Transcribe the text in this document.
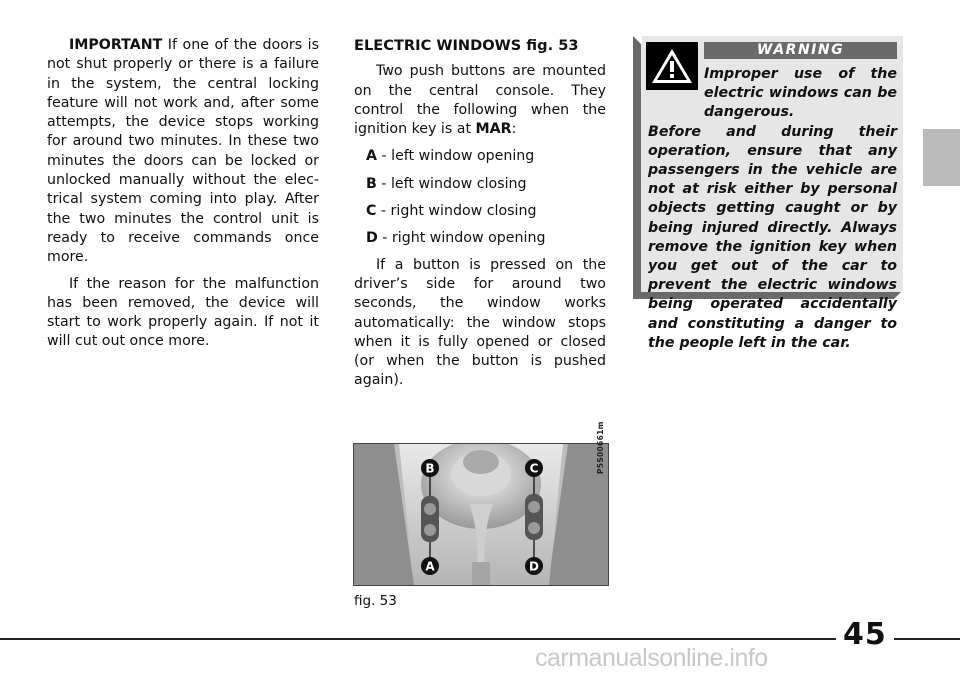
IMPORTANT If one of the doors is not shut properly or there is a failure in the system, the central locking feature will not work and, after some attempts, the device stops working for around two minutes. In these two minutes the doors can be locked or unlocked manually without the electrical system coming into play. After the two minutes the control unit is ready to receive commands once more.

If the reason for the malfunction has been removed, the device will start to work properly again. If not it will cut out once more.

ELECTRIC WINDOWS fig. 53

Two push buttons are mounted on the central console. They control the following when the ignition key is at MAR:

A - left window opening

B - left window closing

C - right window closing

D - right window opening

If a button is pressed on the driver’s side for around two seconds, the window works automatically: the window stops when it is fully opened or closed (or when the button is pushed again).

WARNING
Improper use of the electric windows can be dangerous.
Before and during their operation, ensure that any passengers in the vehicle are not at risk either by personal objects getting caught or by being injured directly. Always remove the ignition key when you get out of the car to prevent the electric windows being operated accidentally and constituting a danger to the people left in the car.
B	C
A	D
P5S00661m
fig. 53
45
carmanualsonline.info
